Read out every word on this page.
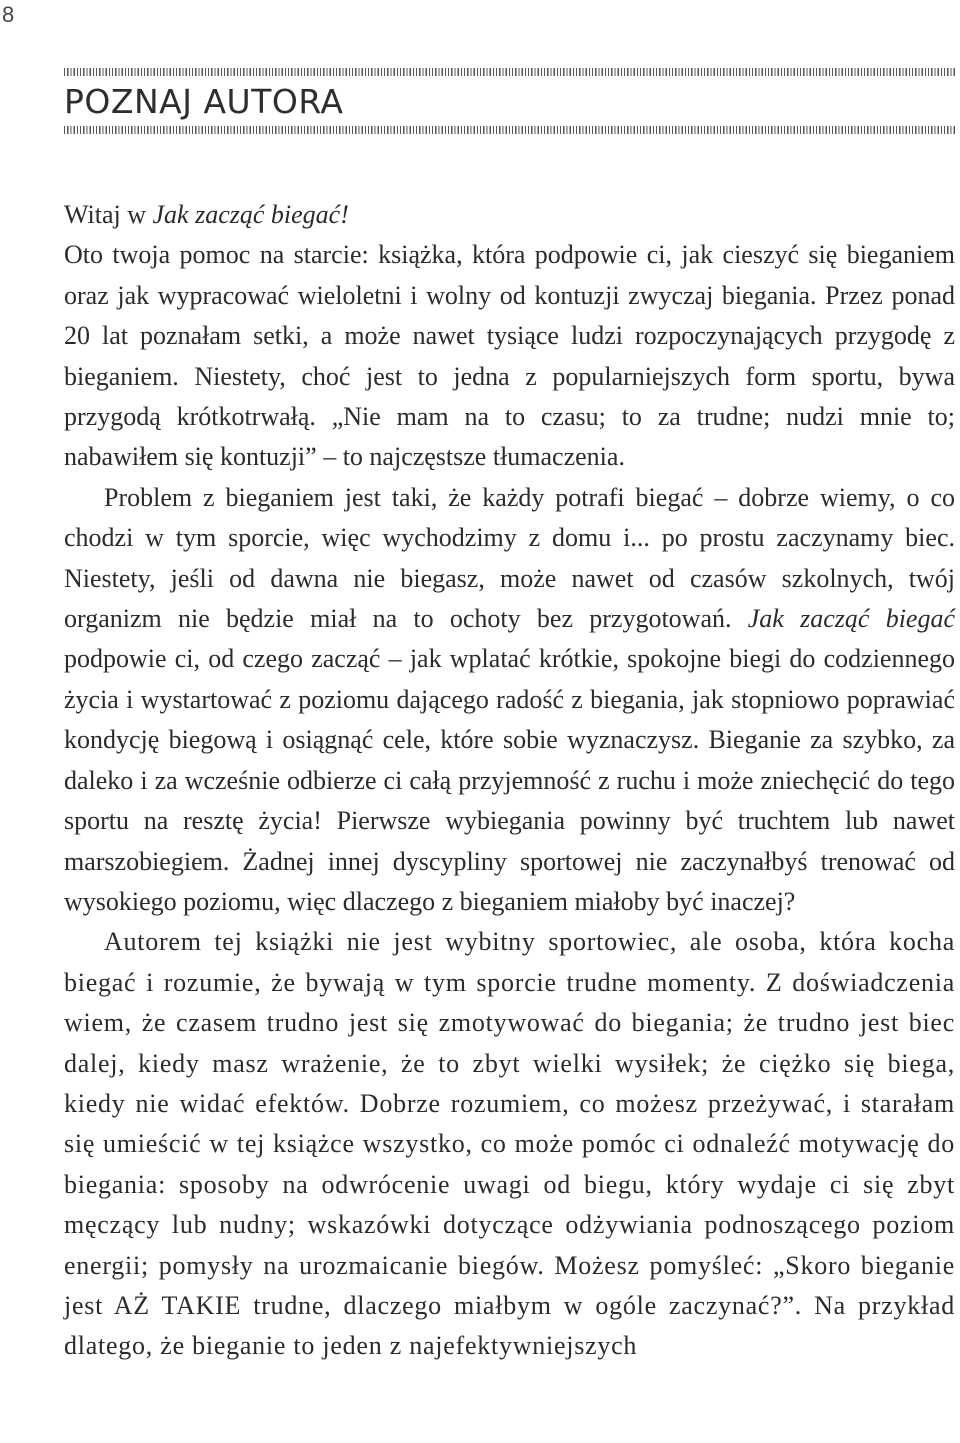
8
POZNAJ AUTORA

Witaj w Jak zacząć biegać!

Oto twoja pomoc na starcie: książka, która podpowie ci, jak cieszyć się bieganiem oraz jak wypracować wieloletni i wolny od kontuzji zwyczaj biegania. Przez ponad 20 lat poznałam setki, a może nawet tysiące ludzi rozpoczynających przygodę z bieganiem. Niestety, choć jest to jedna z popularniejszych form sportu, bywa przygodą krótkotrwałą. „Nie mam na to czasu; to za trudne; nudzi mnie to; nabawiłem się kontuzji” – to najczęstsze tłumaczenia.

Problem z bieganiem jest taki, że każdy potrafi biegać – dobrze wiemy, o co chodzi w tym sporcie, więc wychodzimy z domu i... po prostu zaczynamy biec. Niestety, jeśli od dawna nie biegasz, może nawet od czasów szkolnych, twój organizm nie będzie miał na to ochoty bez przygotowań. Jak zacząć biegać podpowie ci, od czego zacząć – jak wplatać krótkie, spokojne biegi do codziennego życia i wystartować z poziomu dającego radość z biegania, jak stopniowo poprawiać kondycję biegową i osiągnąć cele, które sobie wyznaczysz. Bieganie za szybko, za daleko i za wcześnie odbierze ci całą przyjemność z ruchu i może zniechęcić do tego sportu na resztę życia! Pierwsze wybiegania powinny być truchtem lub nawet marszobiegiem. Żadnej innej dyscypliny sportowej nie zaczynałbyś trenować od wysokiego poziomu, więc dlaczego z bieganiem miałoby być inaczej?

Autorem tej książki nie jest wybitny sportowiec, ale osoba, która kocha biegać i rozumie, że bywają w tym sporcie trudne momenty. Z doświadczenia wiem, że czasem trudno jest się zmotywować do biegania; że trudno jest biec dalej, kiedy masz wrażenie, że to zbyt wielki wysiłek; że ciężko się biega, kiedy nie widać efektów. Dobrze rozumiem, co możesz przeżywać, i starałam się umieścić w tej książce wszystko, co może pomóc ci odnaleźć motywację do biegania: sposoby na odwrócenie uwagi od biegu, który wydaje ci się zbyt męczący lub nudny; wskazówki dotyczące odżywiania podnoszącego poziom energii; pomysły na urozmaicanie biegów. Możesz pomyśleć: „Skoro bieganie jest AŻ TAKIE trudne, dlaczego miałbym w ogóle zaczynać?”. Na przykład dlatego, że bieganie to jeden z najefektywniejszych
